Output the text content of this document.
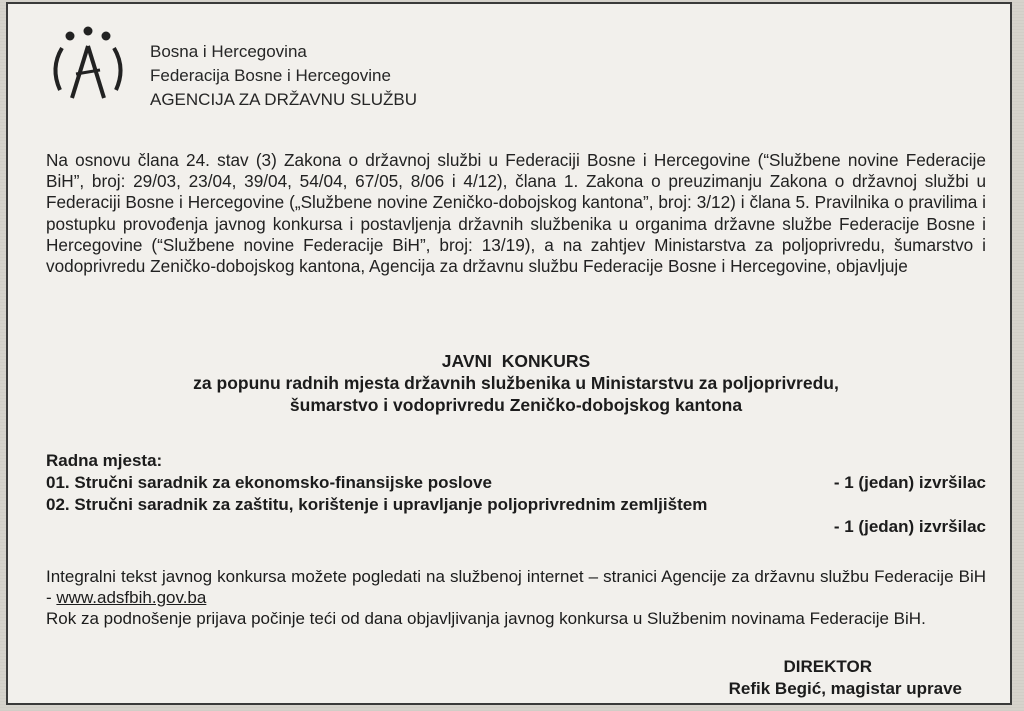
Bosna i Hercegovina
Federacija Bosne i Hercegovine
AGENCIJA ZA DRŽAVNU SLUŽBU
Na osnovu člana 24. stav (3) Zakona o državnoj službi u Federaciji Bosne i Hercegovine (“Službene novine Federacije BiH”, broj: 29/03, 23/04, 39/04, 54/04, 67/05, 8/06 i 4/12), člana 1. Zakona o preuzimanju Zakona o državnoj službi u Federaciji Bosne i Hercegovine („Službene novine Zeničko-dobojskog kantona”, broj: 3/12) i člana 5. Pravilnika o pravilima i postupku provođenja javnog konkursa i postavljenja državnih službenika u organima državne službe Federacije Bosne i Hercegovine (“Službene novine Federacije BiH”, broj: 13/19), a na zahtjev Ministarstva za poljoprivredu, šumarstvo i vodoprivredu Zeničko-dobojskog kantona, Agencija za državnu službu Federacije Bosne i Hercegovine, objavljuje
JAVNI  KONKURS
za popunu radnih mjesta državnih službenika u Ministarstvu za poljoprivredu,
šumarstvo i vodoprivredu Zeničko-dobojskog kantona
Radna mjesta:
01. Stručni saradnik za ekonomsko-finansijske poslove	- 1 (jedan) izvršilac
02. Stručni saradnik za zaštitu, korištenje i upravljanje poljoprivrednim zemljištem
- 1 (jedan) izvršilac
Integralni tekst javnog konkursa možete pogledati na službenoj internet – stranici Agencije za državnu službu Federacije BiH - www.adsfbih.gov.ba
Rok za podnošenje prijava počinje teći od dana objavljivanja javnog konkursa u Službenim novinama Federacije BiH.
DIREKTOR
Refik Begić, magistar uprave
